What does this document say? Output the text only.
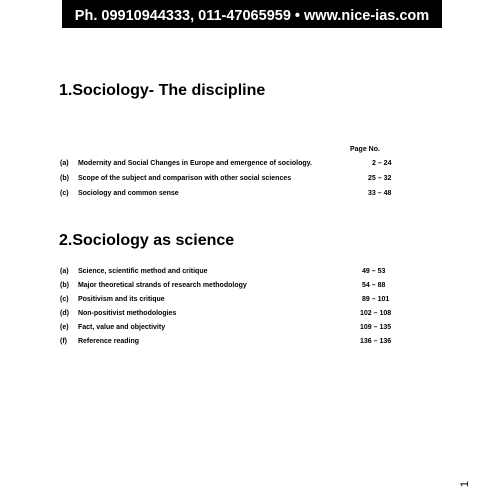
Ph. 09910944333, 011-47065959 • www.nice-ias.com
1.Sociology- The discipline
Page No.
(a) Modernity and Social Changes in Europe and emergence of sociology.	2 – 24
(b) Scope of the subject and comparison with other social sciences	25 – 32
(c) Sociology and common sense	33 – 48
2.Sociology as science
(a) Science, scientific method and critique	49 – 53
(b) Major theoretical strands of research methodology	54 – 88
(c) Positivism and its critique	89 – 101
(d) Non-positivist methodologies	102 – 108
(e) Fact, value and objectivity	109 – 135
(f) Reference reading	136 – 136
1
